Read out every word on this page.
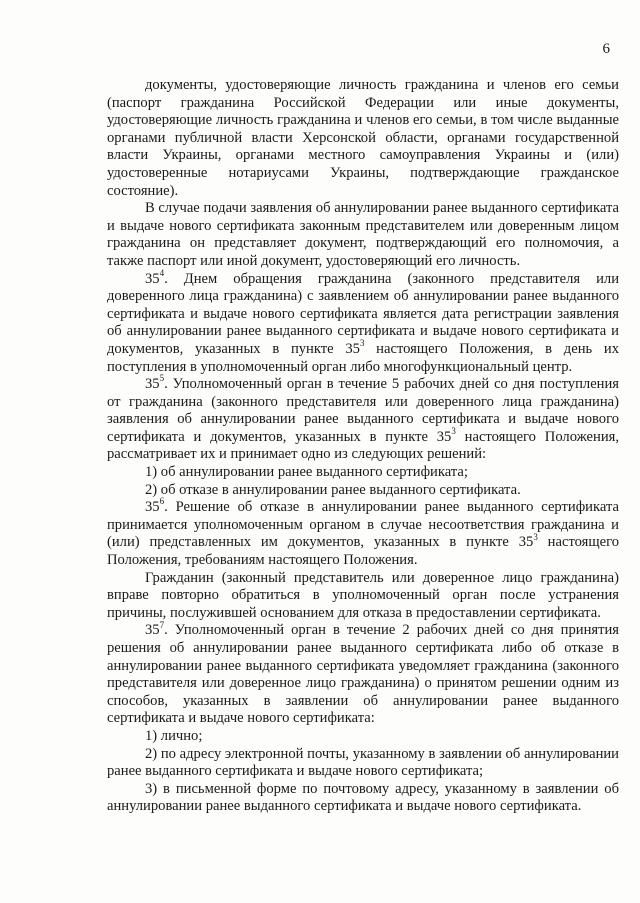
6

документы, удостоверяющие личность гражданина и членов его семьи (паспорт гражданина Российской Федерации или иные документы, удостоверяющие личность гражданина и членов его семьи, в том числе выданные органами публичной власти Херсонской области, органами государственной власти Украины, органами местного самоуправления Украины и (или) удостоверенные нотариусами Украины, подтверждающие гражданское состояние).

В случае подачи заявления об аннулировании ранее выданного сертификата и выдаче нового сертификата законным представителем или доверенным лицом гражданина он представляет документ, подтверждающий его полномочия, а также паспорт или иной документ, удостоверяющий его личность.

$35^4$. Днем обращения гражданина (законного представителя или доверенного лица гражданина) с заявлением об аннулировании ранее выданного сертификата и выдаче нового сертификата является дата регистрации заявления об аннулировании ранее выданного сертификата и выдаче нового сертификата и документов, указанных в пункте $35^3$ настоящего Положения, в день их поступления в уполномоченный орган либо многофункциональный центр.

$35^5$. Уполномоченный орган в течение 5 рабочих дней со дня поступления от гражданина (законного представителя или доверенного лица гражданина) заявления об аннулировании ранее выданного сертификата и выдаче нового сертификата и документов, указанных в пункте $35^3$ настоящего Положения, рассматривает их и принимает одно из следующих решений:

1) об аннулировании ранее выданного сертификата;

2) об отказе в аннулировании ранее выданного сертификата.

$35^6$. Решение об отказе в аннулировании ранее выданного сертификата принимается уполномоченным органом в случае несоответствия гражданина и (или) представленных им документов, указанных в пункте $35^3$ настоящего Положения, требованиям настоящего Положения.

Гражданин (законный представитель или доверенное лицо гражданина) вправе повторно обратиться в уполномоченный орган после устранения причины, послужившей основанием для отказа в предоставлении сертификата.

$35^7$. Уполномоченный орган в течение 2 рабочих дней со дня принятия решения об аннулировании ранее выданного сертификата либо об отказе в аннулировании ранее выданного сертификата уведомляет гражданина (законного представителя или доверенное лицо гражданина) о принятом решении одним из способов, указанных в заявлении об аннулировании ранее выданного сертификата и выдаче нового сертификата:

1) лично;

2) по адресу электронной почты, указанному в заявлении об аннулировании ранее выданного сертификата и выдаче нового сертификата;

3) в письменной форме по почтовому адресу, указанному в заявлении об аннулировании ранее выданного сертификата и выдаче нового сертификата.
